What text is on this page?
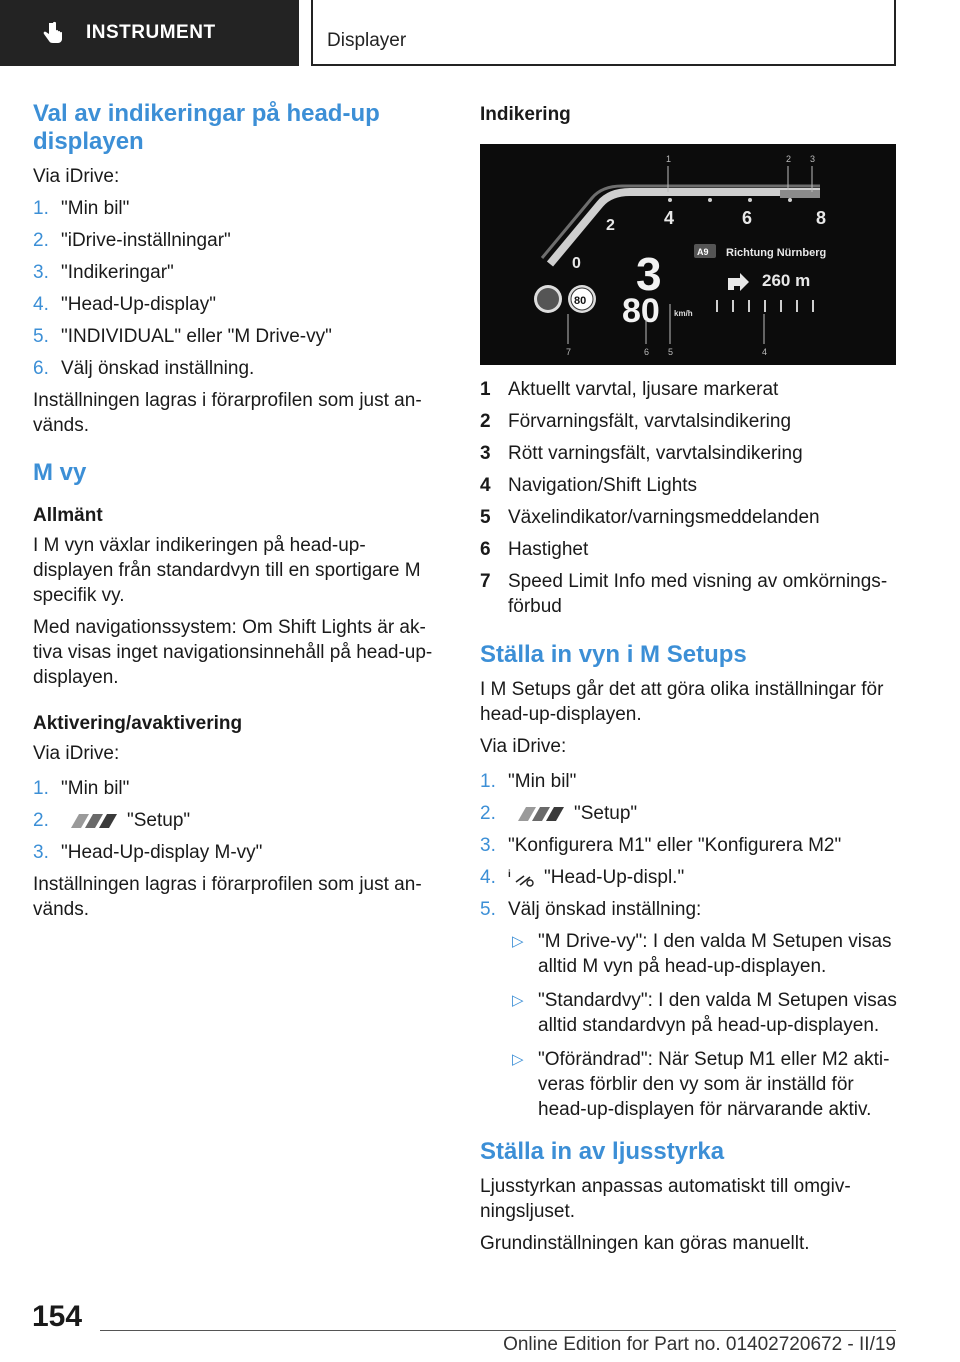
INSTRUMENT	Displayer
Val av indikeringar på head-up displayen

Via iDrive:

1. "Min bil"
2. "iDrive-inställningar"
3. "Indikeringar"
4. "Head-Up-display"
5. "INDIVIDUAL" eller "M Drive-vy"
6. Välj önskad inställning.

Inställningen lagras i förarprofilen som just används.

M vy
Allmänt

I M vyn växlar indikeringen på head-up-displayen från standardvyn till en sportigare M specifik vy.

Med navigationssystem: Om Shift Lights är aktiva visas inget navigationsinnehåll på head-up-displayen.

Aktivering/avaktivering

Via iDrive:

1. "Min bil"
2.	"Setup"
3. "Head-Up-display M-vy"

Inställningen lagras i förarprofilen som just används.

Indikering
0
2	4	6	8
1	2 3
A9 Richtung Nürnberg
260 m
3
80 km/h
80
7	6 5	4
1 Aktuellt varvtal, ljusare markerat
2 Förvarningsfält, varvtalsindikering
3 Rött varningsfält, varvtalsindikering
4 Navigation/Shift Lights
5 Växelindikator/varningsmeddelanden
6 Hastighet
7 Speed Limit Info med visning av omkörningsförbud
Ställa in vyn i M Setups

I M Setups går det att göra olika inställningar för head-up-displayen.

Via iDrive:

1. "Min bil"
2.	"Setup"
3. "Konfigurera M1" eller "Konfigurera M2"
4.	i "Head-Up-displ."
5. Välj önskad inställning:
▷ "M Drive-vy": I den valda M Setupen visas alltid M vyn på head-up-displayen.
▷ "Standardvy": I den valda M Setupen visas alltid standardvyn på head-up-displayen.
▷ "Oförändrad": När Setup M1 eller M2 aktiveras förblir den vy som är inställd för head-up-displayen för närvarande aktiv.
Ställa in av ljusstyrka

Ljusstyrkan anpassas automatiskt till omgivningsljuset.

Grundinställningen kan göras manuellt.

154
Online Edition for Part no. 01402720672 - II/19
